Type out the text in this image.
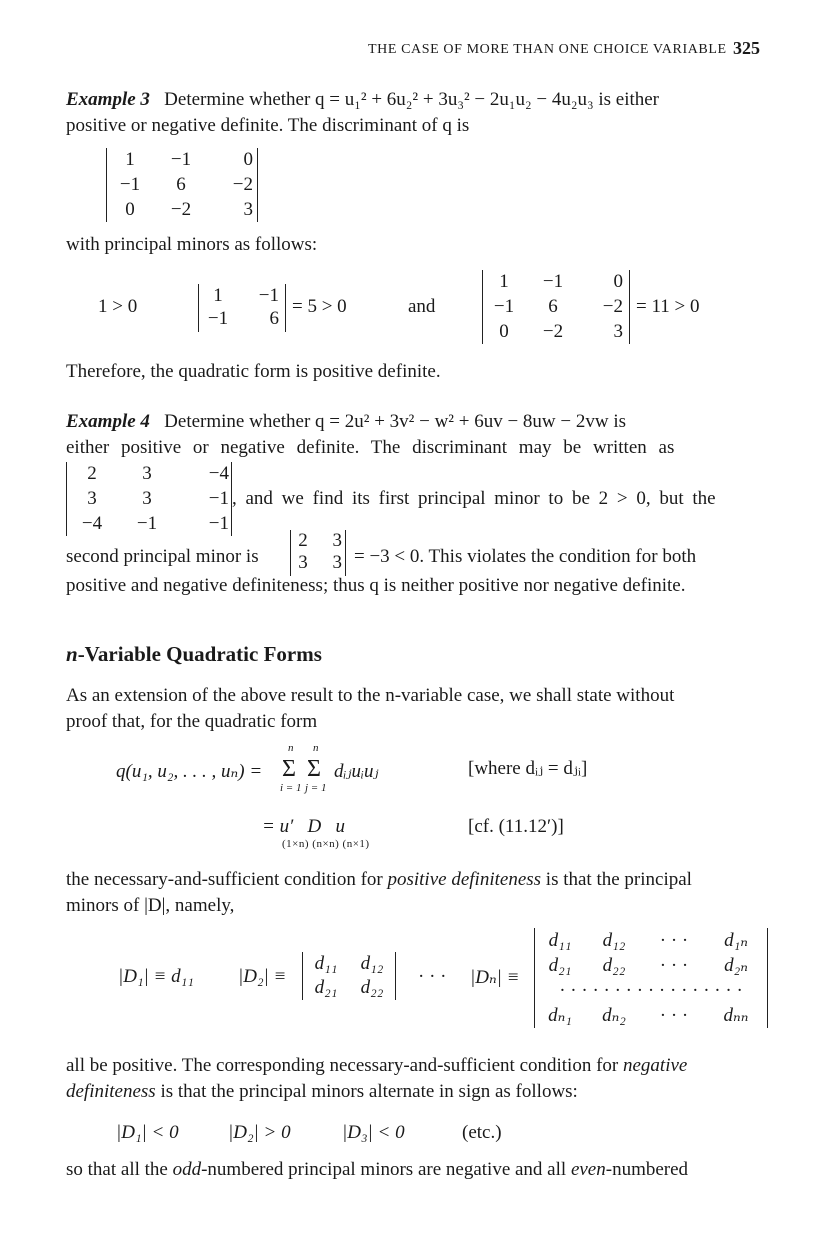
THE CASE OF MORE THAN ONE CHOICE VARIABLE 325
Example 3 Determine whether q = u₁² + 6u₂² + 3u₃² − 2u₁u₂ − 4u₂u₃ is either
positive or negative definite. The discriminant of q is
1	−1	0
−1	6	−2
0	−2	3
with principal minors as follows:
1 > 0
1	−1
−1	6
= 5 > 0	and
1	−1	0
−1	6	−2
0	−2	3
= 11 > 0
Therefore, the quadratic form is positive definite.
Example 4 Determine whether q = 2u² + 3v² − w² + 6uv − 8uw − 2vw is
either positive or negative definite. The discriminant may be written as
2	3	−4
3	3	−1
−4	−1	−1
, and we find its first principal minor to be 2 > 0, but the
second principal minor is
2	3
3	3 = −3 < 0. This violates the condition for both
positive and negative definiteness; thus q is neither positive nor negative definite.
n-Variable Quadratic Forms
As an extension of the above result to the n-variable case, we shall state without
proof that, for the quadratic form
q(u₁, u₂, . . . , uₙ) =
n n
Σ Σ
i = 1 j = 1
dᵢⱼuᵢuⱼ	[where dᵢⱼ = dⱼᵢ]
= u′   D   u
(1×n) (n×n) (n×1)
[cf. (11.12′)]
the necessary-and-sufficient condition for positive definiteness is that the principal
minors of |D|, namely,
|D₁| ≡ d₁₁ |D₂| ≡
d₁₁	d₁₂
d₂₁	d₂₂
· · · |Dₙ| ≡
d₁₁	d₁₂	· · ·	d₁ₙ
d₂₁	d₂₂	· · ·	d₂ₙ
· · · · · · · · · · · · · · · · ·
dₙ₁	dₙ₂	· · ·	dₙₙ
all be positive. The corresponding necessary-and-sufficient condition for negative
definiteness is that the principal minors alternate in sign as follows:
|D₁| < 0	|D₂| > 0	|D₃| < 0	(etc.)
so that all the odd-numbered principal minors are negative and all even-numbered
